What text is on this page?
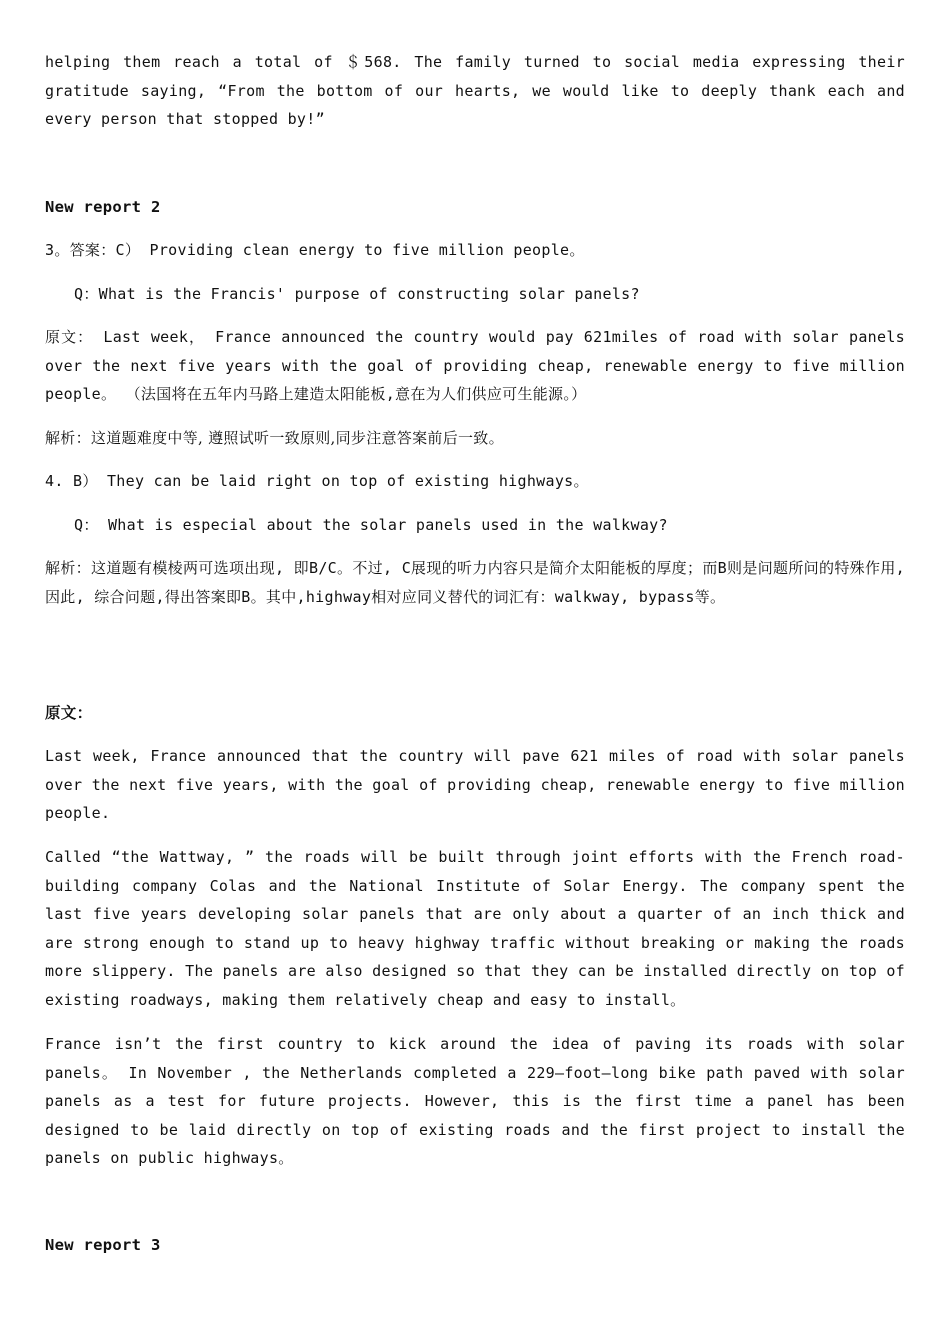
helping them reach a total of ＄568. The family turned to social media expressing their gratitude saying, “From the bottom of our hearts, we would like to deeply thank each and every person that stopped by!”

New report 2

3。答案：C） Providing clean energy to five million people。

Q：What is the Francis' purpose of constructing solar panels?

原文： Last week， France announced the country would pay 621miles of road with solar panels over the next five years with the goal of providing cheap, renewable energy to five million people。 （法国将在五年内马路上建造太阳能板,意在为人们供应可生能源。）

解析：这道题难度中等, 遵照试听一致原则,同步注意答案前后一致。

4. B） They can be laid right on top of existing highways。

Q： What is especial about the solar panels used in the walkway?

解析：这道题有模棱两可选项出现, 即B/C。不过, C展现的听力内容只是简介太阳能板的厚度；而B则是问题所问的特殊作用, 因此, 综合问题,得出答案即B。其中,highway相对应同义替代的词汇有：walkway, bypass等。

原文：

Last week, France announced that the country will pave 621 miles of road with solar panels over the next five years, with the goal of providing cheap, renewable energy to five million people.

Called “the Wattway, ” the roads will be built through joint efforts with the French road-building company Colas and the National Institute of Solar Energy. The company spent the last five years developing solar panels that are only about a quarter of an inch thick and are strong enough to stand up to heavy highway traffic without breaking or making the roads more slippery. The panels are also designed so that they can be installed directly on top of existing roadways, making them relatively cheap and easy to install。

France isn’t the first country to kick around the idea of paving its roads with solar panels。 In November , the Netherlands completed a 229—foot—long bike path paved with solar panels as a test for future projects. However, this is the first time a panel has been designed to be laid directly on top of existing roads and the first project to install the panels on public highways。

New report 3
